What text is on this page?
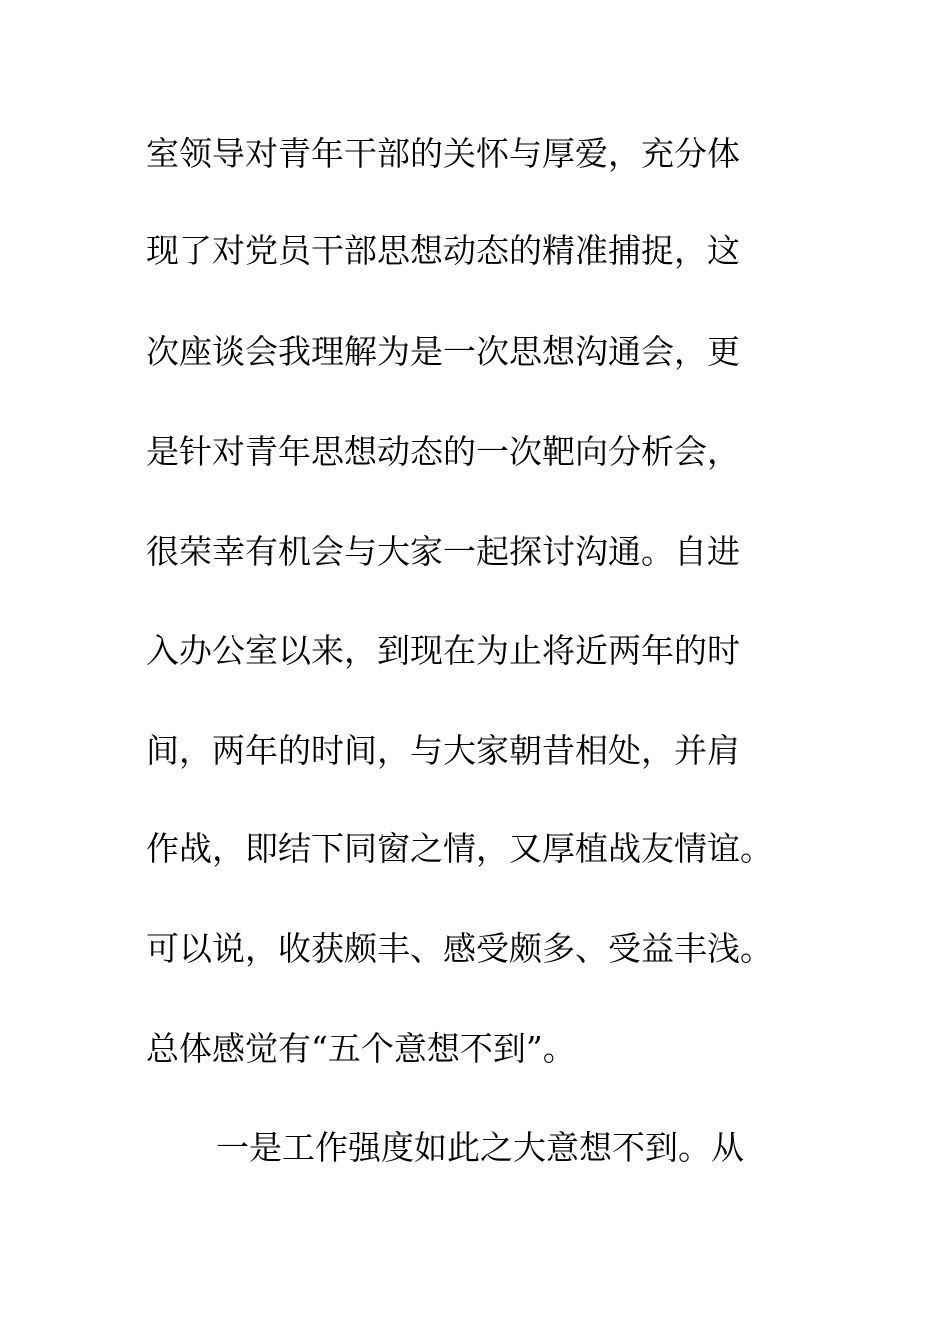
室领导对青年干部的关怀与厚爱，充分体

现了对党员干部思想动态的精准捕捉，这

次座谈会我理解为是一次思想沟通会，更

是针对青年思想动态的一次靶向分析会，

很荣幸有机会与大家一起探讨沟通。自进

入办公室以来，到现在为止将近两年的时

间，两年的时间，与大家朝昔相处，并肩

作战，即结下同窗之情，又厚植战友情谊。

可以说，收获颇丰、感受颇多、受益丰浅。

总体感觉有“五个意想不到”。

一是工作强度如此之大意想不到。从
